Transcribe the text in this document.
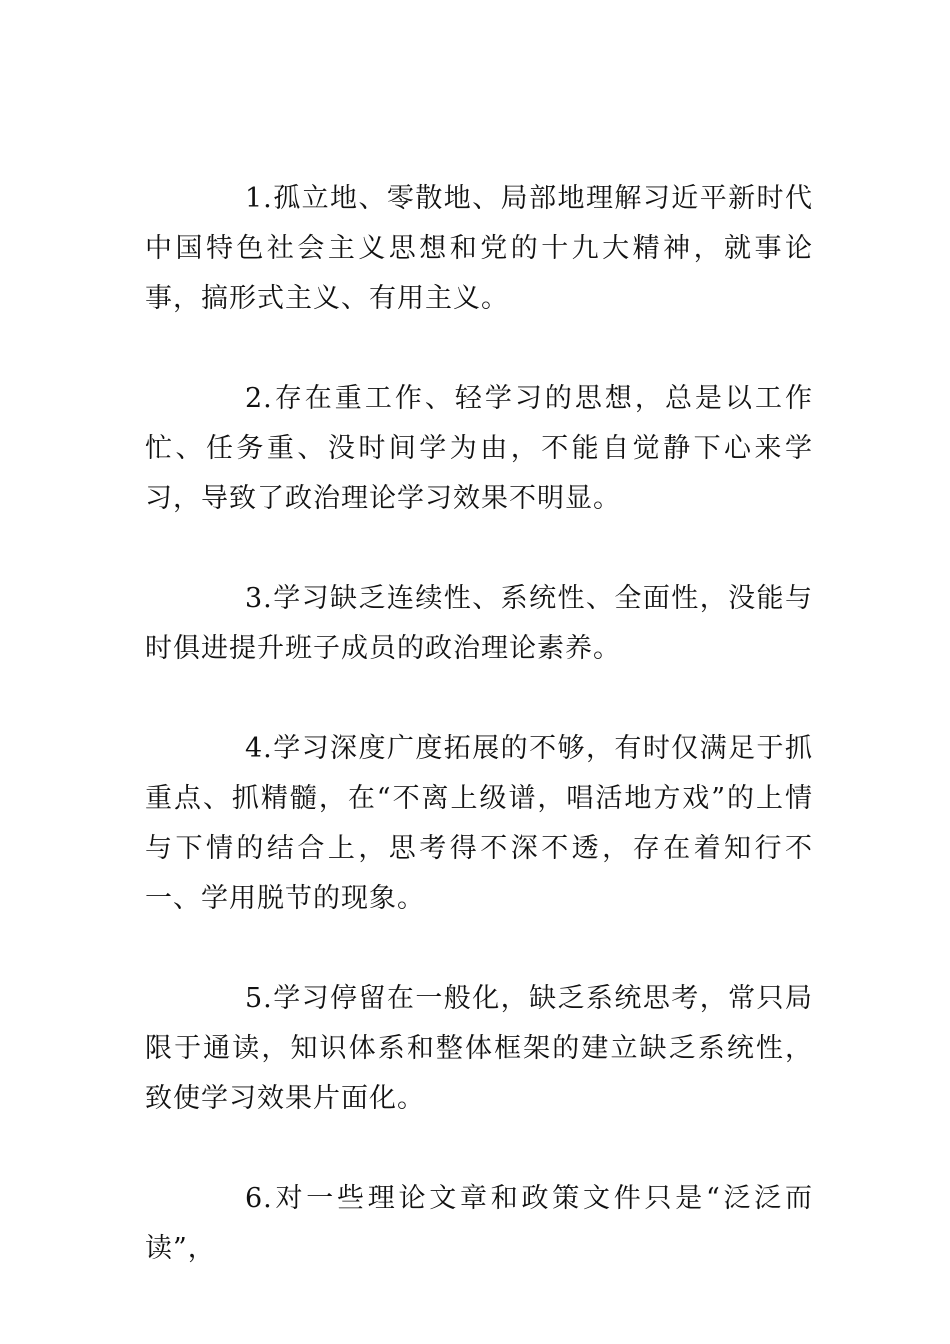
1.孤立地、零散地、局部地理解习近平新时代中国特色社会主义思想和党的十九大精神，就事论事，搞形式主义、有用主义。

2.存在重工作、轻学习的思想，总是以工作忙、任务重、没时间学为由，不能自觉静下心来学习，导致了政治理论学习效果不明显。

3.学习缺乏连续性、系统性、全面性，没能与时俱进提升班子成员的政治理论素养。

4.学习深度广度拓展的不够，有时仅满足于抓重点、抓精髓，在“不离上级谱，唱活地方戏”的上情与下情的结合上，思考得不深不透，存在着知行不一、学用脱节的现象。

5.学习停留在一般化，缺乏系统思考，常只局限于通读，知识体系和整体框架的建立缺乏系统性，致使学习效果片面化。

6.对一些理论文章和政策文件只是“泛泛而读”，
